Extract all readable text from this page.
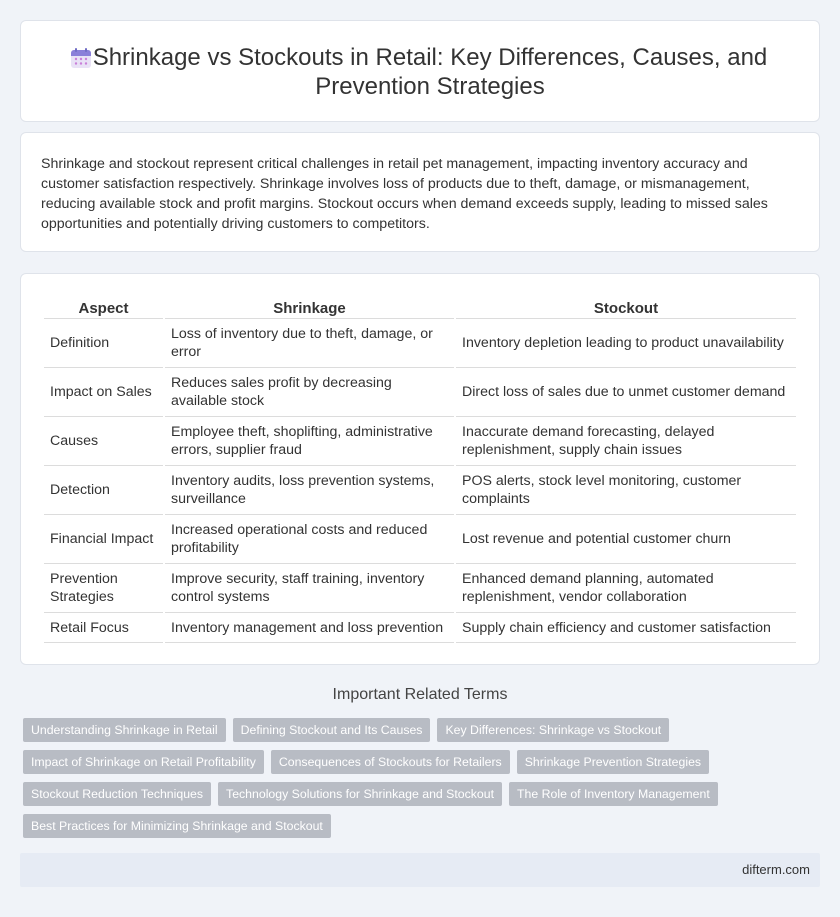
Shrinkage vs Stockouts in Retail: Key Differences, Causes, and Prevention Strategies

Shrinkage and stockout represent critical challenges in retail pet management, impacting inventory accuracy and customer satisfaction respectively. Shrinkage involves loss of products due to theft, damage, or mismanagement, reducing available stock and profit margins. Stockout occurs when demand exceeds supply, leading to missed sales opportunities and potentially driving customers to competitors.

Aspect	Shrinkage	Stockout
Definition	Loss of inventory due to theft, damage, or error	Inventory depletion leading to product unavailability
Impact on Sales	Reduces sales profit by decreasing available stock	Direct loss of sales due to unmet customer demand
Causes	Employee theft, shoplifting, administrative errors, supplier fraud	Inaccurate demand forecasting, delayed replenishment, supply chain issues
Detection	Inventory audits, loss prevention systems, surveillance	POS alerts, stock level monitoring, customer complaints
Financial Impact	Increased operational costs and reduced profitability	Lost revenue and potential customer churn
Prevention Strategies	Improve security, staff training, inventory control systems	Enhanced demand planning, automated replenishment, vendor collaboration
Retail Focus	Inventory management and loss prevention	Supply chain efficiency and customer satisfaction
Important Related Terms
Understanding Shrinkage in Retail	Defining Stockout and Its Causes	Key Differences: Shrinkage vs Stockout
Impact of Shrinkage on Retail Profitability	Consequences of Stockouts for Retailers	Shrinkage Prevention Strategies
Stockout Reduction Techniques	Technology Solutions for Shrinkage and Stockout	The Role of Inventory Management
Best Practices for Minimizing Shrinkage and Stockout
difterm.com
